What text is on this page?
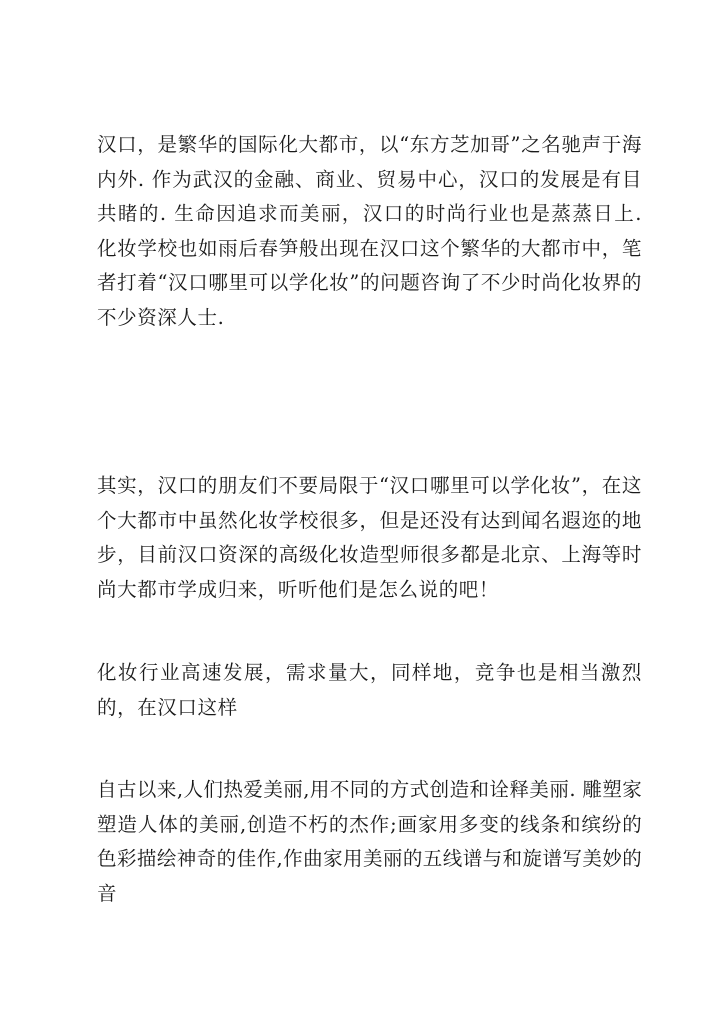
汉口，是繁华的国际化大都市，以“东方芝加哥”之名驰声于海内外. 作为武汉的金融、商业、贸易中心，汉口的发展是有目共睹的. 生命因追求而美丽，汉口的时尚行业也是蒸蒸日上. 化妆学校也如雨后春笋般出现在汉口这个繁华的大都市中，笔者打着“汉口哪里可以学化妆”的问题咨询了不少时尚化妆界的不少资深人士.

其实，汉口的朋友们不要局限于“汉口哪里可以学化妆”，在这个大都市中虽然化妆学校很多，但是还没有达到闻名遐迩的地步，目前汉口资深的高级化妆造型师很多都是北京、上海等时尚大都市学成归来，听听他们是怎么说的吧！

化妆行业高速发展，需求量大，同样地，竞争也是相当激烈的，在汉口这样

自古以来,人们热爱美丽,用不同的方式创造和诠释美丽. 雕塑家塑造人体的美丽,创造不朽的杰作;画家用多变的线条和缤纷的色彩描绘神奇的佳作,作曲家用美丽的五线谱与和旋谱写美妙的音
